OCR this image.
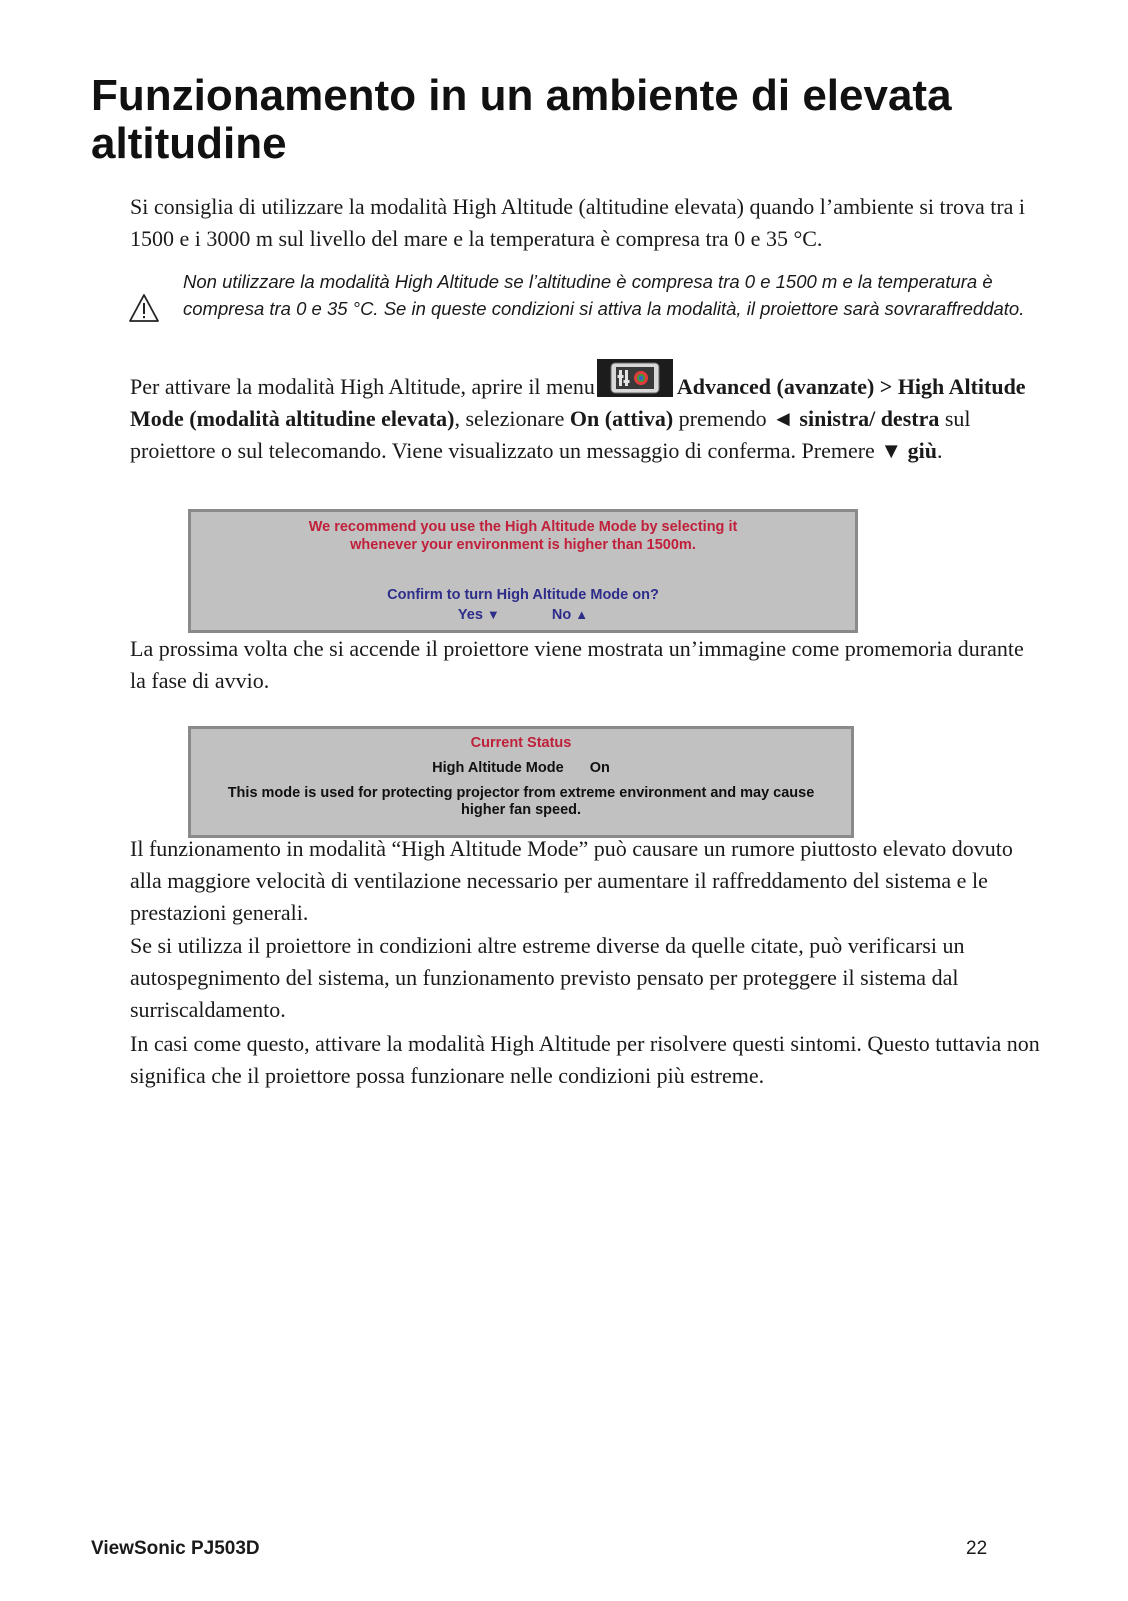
Funzionamento in un ambiente di elevata altitudine

Si consiglia di utilizzare la modalità High Altitude (altitudine elevata) quando l’ambiente si trova tra i 1500 e i 3000 m sul livello del mare e la temperatura è compresa tra 0 e 35 °C.

Non utilizzare la modalità High Altitude se l’altitudine è compresa tra 0 e 1500 m e la temperatura è compresa tra 0 e 35 °C. Se in queste condizioni si attiva la modalità, il proiettore sarà sovraraffreddato.

Per attivare la modalità High Altitude, aprire il menu	Advanced (avanzate) > High Altitude Mode (modalità altitudine elevata), selezionare On (attiva) premendo ◄ sinistra/ destra sul proiettore o sul telecomando. Viene visualizzato un messaggio di conferma. Premere ▼ giù.

We recommend you use the High Altitude Mode by selecting it
whenever your environment is higher than 1500m.
Confirm to turn High Altitude Mode on?
Yes ▼	No ▲

La prossima volta che si accende il proiettore viene mostrata un’immagine come promemoria durante la fase di avvio.

Current Status
High Altitude Mode On
This mode is used for protecting projector from extreme environment and may cause
higher fan speed.

Il funzionamento in modalità “High Altitude Mode” può causare un rumore piuttosto elevato dovuto alla maggiore velocità di ventilazione necessario per aumentare il raffreddamento del sistema e le prestazioni generali.

Se si utilizza il proiettore in condizioni altre estreme diverse da quelle citate, può verificarsi un autospegnimento del sistema, un funzionamento previsto pensato per proteggere il sistema dal surriscaldamento.

In casi come questo, attivare la modalità High Altitude per risolvere questi sintomi. Questo tuttavia non significa che il proiettore possa funzionare nelle condizioni più estreme.

ViewSonic PJ503D	22
